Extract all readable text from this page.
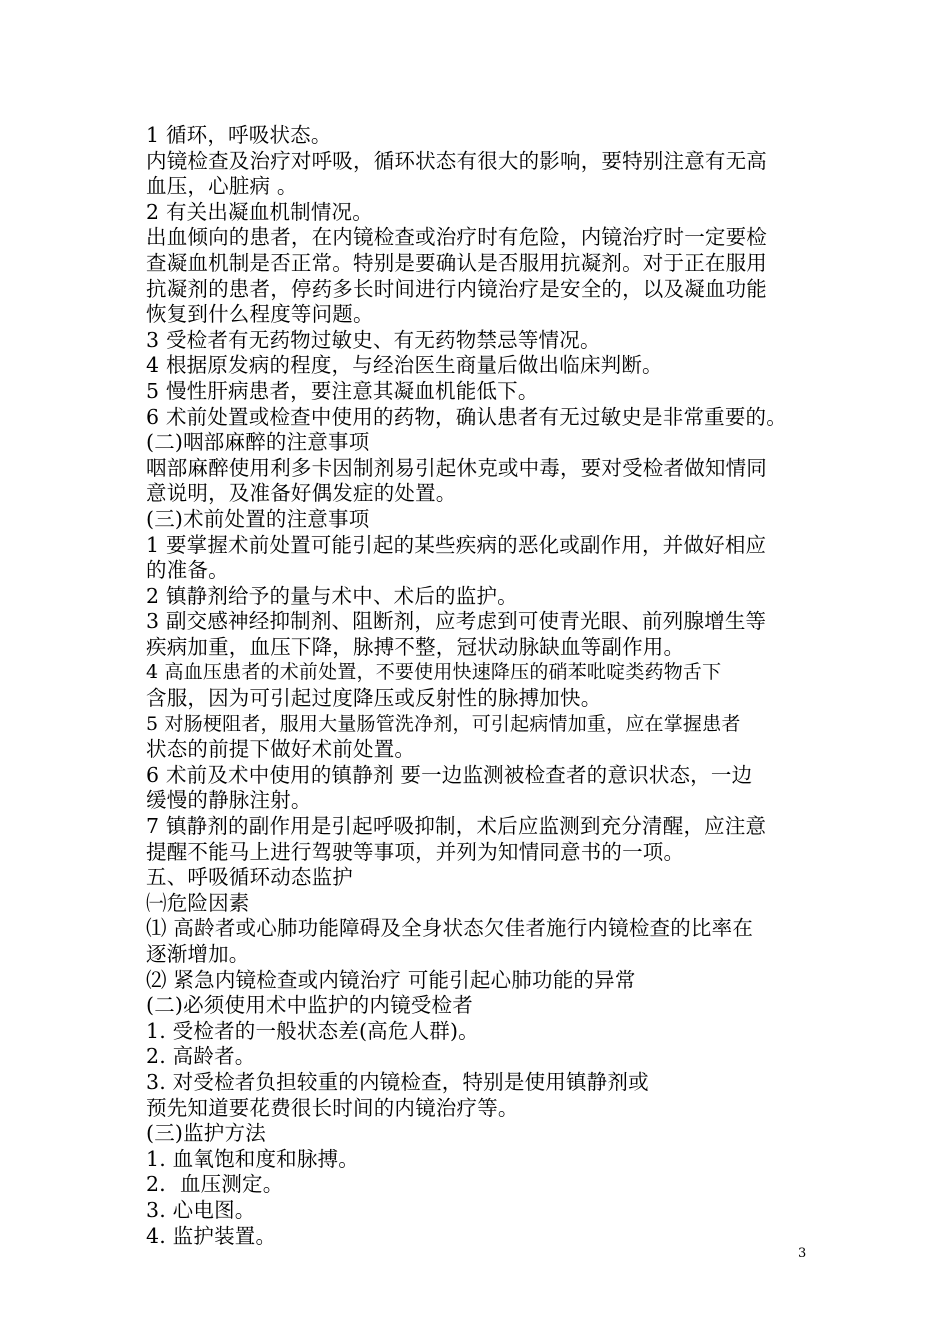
1 循环，呼吸状态。
内镜检查及治疗对呼吸，循环状态有很大的影响，要特别注意有无高
血压，心脏病 。
2 有关出凝血机制情况。
出血倾向的患者，在内镜检查或治疗时有危险，内镜治疗时一定要检
查凝血机制是否正常。特别是要确认是否服用抗凝剂。对于正在服用
抗凝剂的患者，停药多长时间进行内镜治疗是安全的，以及凝血功能
恢复到什么程度等问题。
3 受检者有无药物过敏史、有无药物禁忌等情况。
4 根据原发病的程度，与经治医生商量后做出临床判断。
5 慢性肝病患者，要注意其凝血机能低下。
6 术前处置或检查中使用的药物，确认患者有无过敏史是非常重要的。
(二)咽部麻醉的注意事项
咽部麻醉使用利多卡因制剂易引起休克或中毒，要对受检者做知情同
意说明，及准备好偶发症的处置。
(三)术前处置的注意事项
1 要掌握术前处置可能引起的某些疾病的恶化或副作用，并做好相应
的准备。
2 镇静剂给予的量与术中、术后的监护。
3 副交感神经抑制剂、阻断剂，应考虑到可使青光眼、前列腺增生等
疾病加重，血压下降，脉搏不整，冠状动脉缺血等副作用。
4 高血压患者的术前处置，不要使用快速降压的硝苯吡啶类药物舌下
含服，因为可引起过度降压或反射性的脉搏加快。
5 对肠梗阻者，服用大量肠管洗净剂，可引起病情加重，应在掌握患者
状态的前提下做好术前处置。
6 术前及术中使用的镇静剂 要一边监测被检查者的意识状态，一边
缓慢的静脉注射。
7 镇静剂的副作用是引起呼吸抑制，术后应监测到充分清醒，应注意
提醒不能马上进行驾驶等事项，并列为知情同意书的一项。
五、呼吸循环动态监护
㈠危险因素
⑴ 高龄者或心肺功能障碍及全身状态欠佳者施行内镜检查的比率在
逐渐增加。
⑵ 紧急内镜检查或内镜治疗 可能引起心肺功能的异常
(二)必须使用术中监护的内镜受检者
1. 受检者的一般状态差(高危人群)。
2. 高龄者。
3. 对受检者负担较重的内镜检查，特别是使用镇静剂或
预先知道要花费很长时间的内镜治疗等。
(三)监护方法
1. 血氧饱和度和脉搏。
2．血压测定。
3. 心电图。
4. 监护装置。
3
